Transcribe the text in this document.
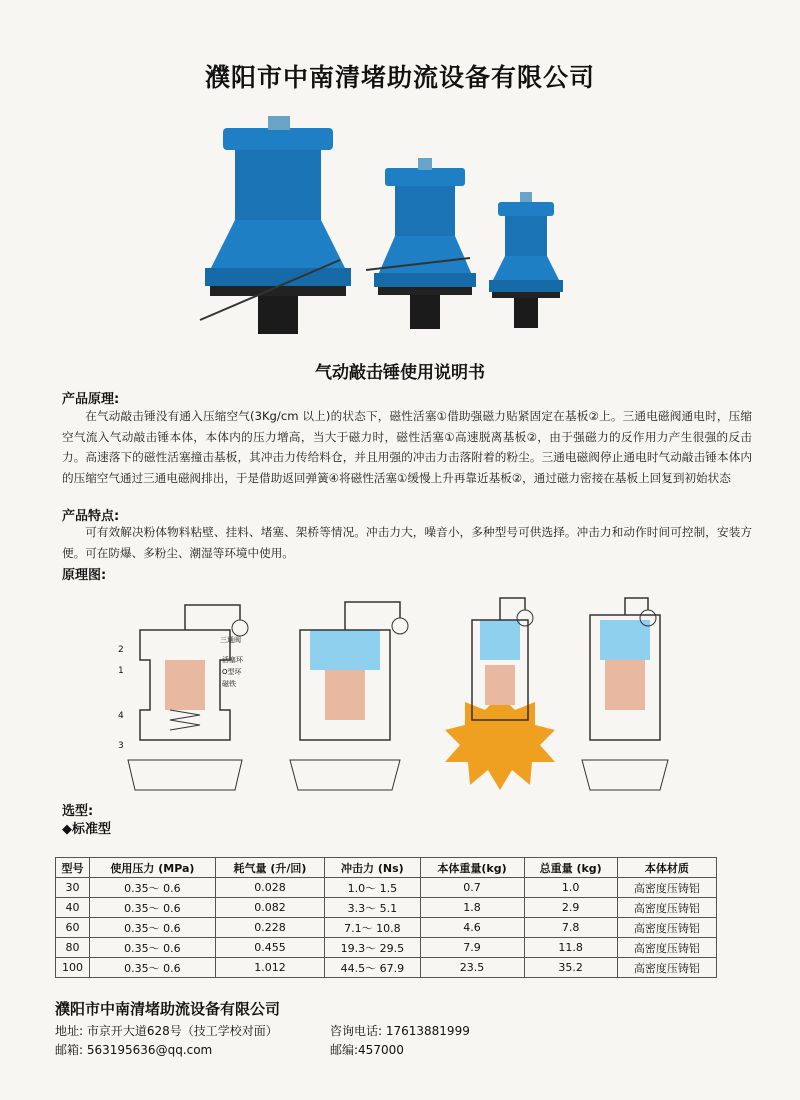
濮阳市中南清堵助流设备有限公司
气动敲击锤使用说明书
产品原理:
在气动敲击锤没有通入压缩空气(3Kg/cm 以上)的状态下，磁性活塞①借助强磁力贴紧固定在基板②上。三通电磁阀通电时，压缩空气流入气动敲击锤本体，本体内的压力增高，当大于磁力时，磁性活塞①高速脱离基板②，由于强磁力的反作用力产生很强的反击力。高速落下的磁性活塞撞击基板，其冲击力传给料仓，并且用强的冲击力击落附着的粉尘。三通电磁阀停止通电时气动敲击锤本体内的压缩空气通过三通电磁阀排出，于是借助返回弹簧④将磁性活塞①缓慢上升再靠近基板②，通过磁力密接在基板上回复到初始状态
产品特点:
可有效解决粉体物料粘壁、挂料、堵塞、架桥等情况。冲击力大，噪音小，多种型号可供选择。冲击力和动作时间可控制，安装方便。可在防爆、多粉尘、潮湿等环境中使用。
原理图:
2
1
4
3
三通阀
活塞环
O型环
磁铁
选型:
◆标准型
型号	使用压力 (MPa)	耗气量 (升/回)	冲击力 (Ns)	本体重量(kg)	总重量 (kg)	本体材质
30	0.35～ 0.6	0.028	1.0～ 1.5	0.7	1.0	高密度压铸铝
40	0.35～ 0.6	0.082	3.3～ 5.1	1.8	2.9	高密度压铸铝
60	0.35～ 0.6	0.228	7.1～ 10.8	4.6	7.8	高密度压铸铝
80	0.35～ 0.6	0.455	19.3～ 29.5	7.9	11.8	高密度压铸铝
100	0.35～ 0.6	1.012	44.5～ 67.9	23.5	35.2	高密度压铸铝
濮阳市中南清堵助流设备有限公司
地址: 市京开大道628号（技工学校对面）	咨询电话: 17613881999
邮箱: 563195636@qq.com	邮编:457000
